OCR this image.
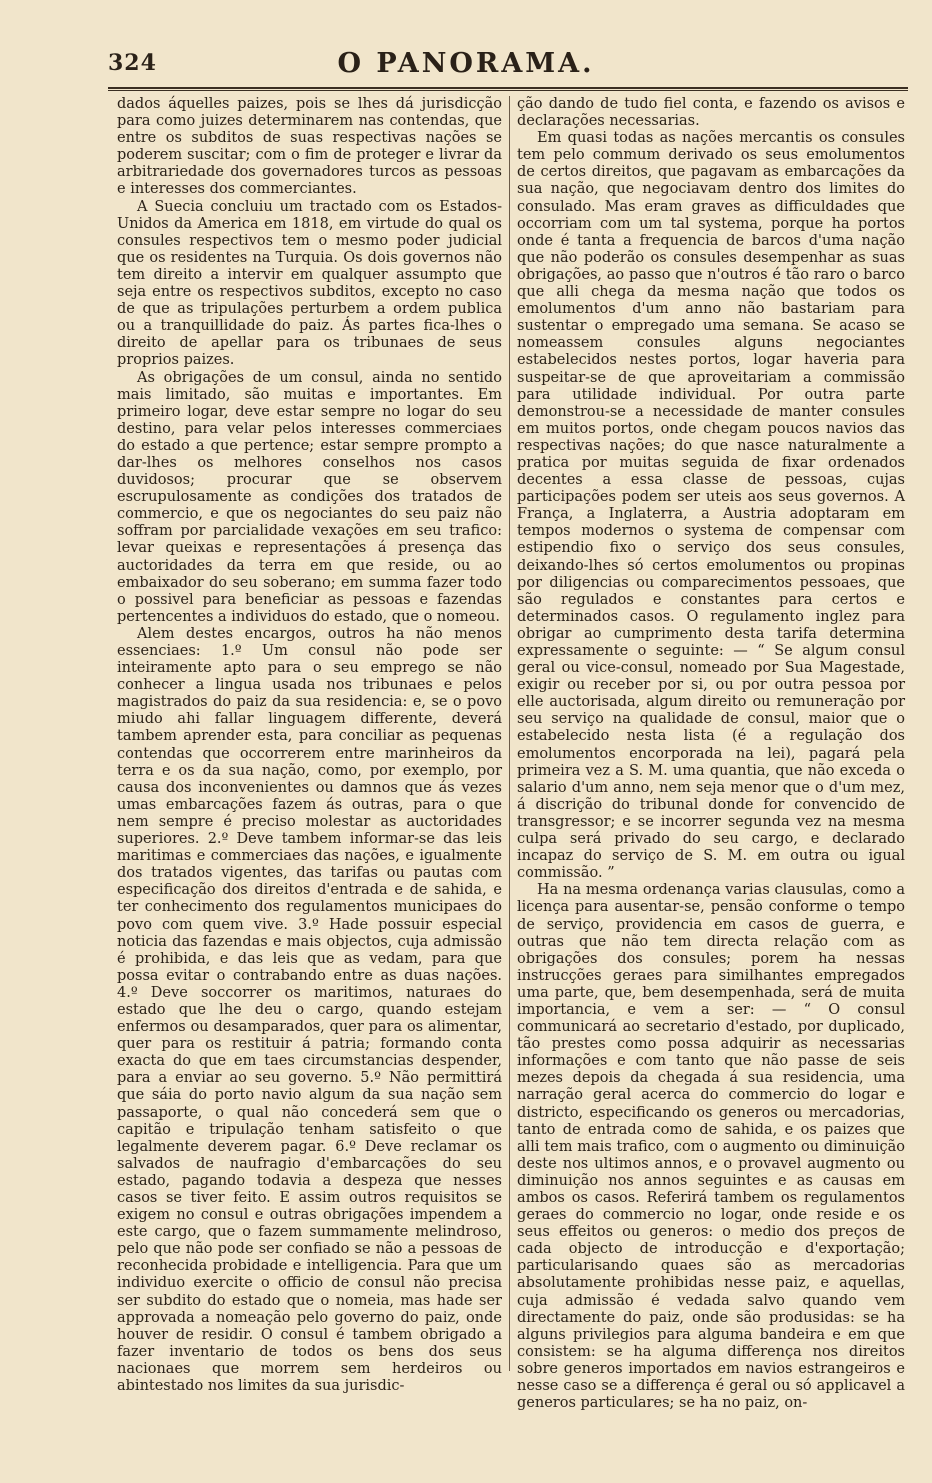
324	O PANORAMA.

dados áquelles paizes, pois se lhes dá jurisdicção para como juizes determinarem nas contendas, que entre os subditos de suas respectivas nações se poderem suscitar; com o fim de proteger e livrar da arbitrariedade dos governadores turcos as pessoas e interesses dos commerciantes.

A Suecia concluiu um tractado com os Estados-Unidos da America em 1818, em virtude do qual os consules respectivos tem o mesmo poder judicial que os residentes na Turquia. Os dois governos não tem direito a intervir em qualquer assumpto que seja entre os respectivos subditos, excepto no caso de que as tripulações perturbem a ordem publica ou a tranquillidade do paiz. Ás partes fica-lhes o direito de apellar para os tribunaes de seus proprios paizes.

As obrigações de um consul, ainda no sentido mais limitado, são muitas e importantes. Em primeiro logar, deve estar sempre no logar do seu destino, para velar pelos interesses commerciaes do estado a que pertence; estar sempre prompto a dar-lhes os melhores conselhos nos casos duvidosos; procurar que se observem escrupulosamente as condições dos tratados de commercio, e que os negociantes do seu paiz não soffram por parcialidade vexações em seu trafico: levar queixas e representações á presença das auctoridades da terra em que reside, ou ao embaixador do seu soberano; em summa fazer todo o possivel para beneficiar as pessoas e fazendas pertencentes a individuos do estado, que o nomeou.

Alem destes encargos, outros ha não menos essenciaes: 1.º Um consul não pode ser inteiramente apto para o seu emprego se não conhecer a lingua usada nos tribunaes e pelos magistrados do paiz da sua residencia: e, se o povo miudo ahi fallar linguagem differente, deverá tambem aprender esta, para conciliar as pequenas contendas que occorrerem entre marinheiros da terra e os da sua nação, como, por exemplo, por causa dos inconvenientes ou damnos que ás vezes umas embarcações fazem ás outras, para o que nem sempre é preciso molestar as auctoridades superiores. 2.º Deve tambem informar-se das leis maritimas e commerciaes das nações, e igualmente dos tratados vigentes, das tarifas ou pautas com especificação dos direitos d'entrada e de sahida, e ter conhecimento dos regulamentos municipaes do povo com quem vive. 3.º Hade possuir especial noticia das fazendas e mais objectos, cuja admissão é prohibida, e das leis que as vedam, para que possa evitar o contrabando entre as duas nações. 4.º Deve soccorrer os maritimos, naturaes do estado que lhe deu o cargo, quando estejam enfermos ou desamparados, quer para os alimentar, quer para os restituir á patria; formando conta exacta do que em taes circumstancias despender, para a enviar ao seu governo. 5.º Não permittirá que sáia do porto navio algum da sua nação sem passaporte, o qual não concederá sem que o capitão e tripulação tenham satisfeito o que legalmente deverem pagar. 6.º Deve reclamar os salvados de naufragio d'embarcações do seu estado, pagando todavia a despeza que nesses casos se tiver feito. E assim outros requisitos se exigem no consul e outras obrigações impendem a este cargo, que o fazem summamente melindroso, pelo que não pode ser confiado se não a pessoas de reconhecida probidade e intelligencia. Para que um individuo exercite o officio de consul não precisa ser subdito do estado que o nomeia, mas hade ser approvada a nomeação pelo governo do paiz, onde houver de residir. O consul é tambem obrigado a fazer inventario de todos os bens dos seus nacionaes que morrem sem herdeiros ou abintestado nos limites da sua jurisdic-

ção dando de tudo fiel conta, e fazendo os avisos e declarações necessarias.

Em quasi todas as nações mercantis os consules tem pelo commum derivado os seus emolumentos de certos direitos, que pagavam as embarcações da sua nação, que negociavam dentro dos limites do consulado. Mas eram graves as difficuldades que occorriam com um tal systema, porque ha portos onde é tanta a frequencia de barcos d'uma nação que não poderão os consules desempenhar as suas obrigações, ao passo que n'outros é tão raro o barco que alli chega da mesma nação que todos os emolumentos d'um anno não bastariam para sustentar o empregado uma semana. Se acaso se nomeassem consules alguns negociantes estabelecidos nestes portos, logar haveria para suspeitar-se de que aproveitariam a commissão para utilidade individual. Por outra parte demonstrou-se a necessidade de manter consules em muitos portos, onde chegam poucos navios das respectivas nações; do que nasce naturalmente a pratica por muitas seguida de fixar ordenados decentes a essa classe de pessoas, cujas participações podem ser uteis aos seus governos. A França, a Inglaterra, a Austria adoptaram em tempos modernos o systema de compensar com estipendio fixo o serviço dos seus consules, deixando-lhes só certos emolumentos ou propinas por diligencias ou comparecimentos pessoaes, que são regulados e constantes para certos e determinados casos. O regulamento inglez para obrigar ao cumprimento desta tarifa determina expressamente o seguinte: — “ Se algum consul geral ou vice-consul, nomeado por Sua Magestade, exigir ou receber por si, ou por outra pessoa por elle auctorisada, algum direito ou remuneração por seu serviço na qualidade de consul, maior que o estabelecido nesta lista (é a regulação dos emolumentos encorporada na lei), pagará pela primeira vez a S. M. uma quantia, que não exceda o salario d'um anno, nem seja menor que o d'um mez, á discrição do tribunal donde for convencido de transgressor; e se incorrer segunda vez na mesma culpa será privado do seu cargo, e declarado incapaz do serviço de S. M. em outra ou igual commissão. ”

Ha na mesma ordenança varias clausulas, como a licença para ausentar-se, pensão conforme o tempo de serviço, providencia em casos de guerra, e outras que não tem directa relação com as obrigações dos consules; porem ha nessas instrucções geraes para similhantes empregados uma parte, que, bem desempenhada, será de muita importancia, e vem a ser: — “ O consul communicará ao secretario d'estado, por duplicado, tão prestes como possa adquirir as necessarias informações e com tanto que não passe de seis mezes depois da chegada á sua residencia, uma narração geral acerca do commercio do logar e districto, especificando os generos ou mercadorias, tanto de entrada como de sahida, e os paizes que alli tem mais trafico, com o augmento ou diminuição deste nos ultimos annos, e o provavel augmento ou diminuição nos annos seguintes e as causas em ambos os casos. Referirá tambem os regulamentos geraes do commercio no logar, onde reside e os seus effeitos ou generos: o medio dos preços de cada objecto de introducção e d'exportação; particularisando quaes são as mercadorias absolutamente prohibidas nesse paiz, e aquellas, cuja admissão é vedada salvo quando vem directamente do paiz, onde são produsidas: se ha alguns privilegios para alguma bandeira e em que consistem: se ha alguma differença nos direitos sobre generos importados em navios estrangeiros e nesse caso se a differença é geral ou só applicavel a generos particulares; se ha no paiz, on-
